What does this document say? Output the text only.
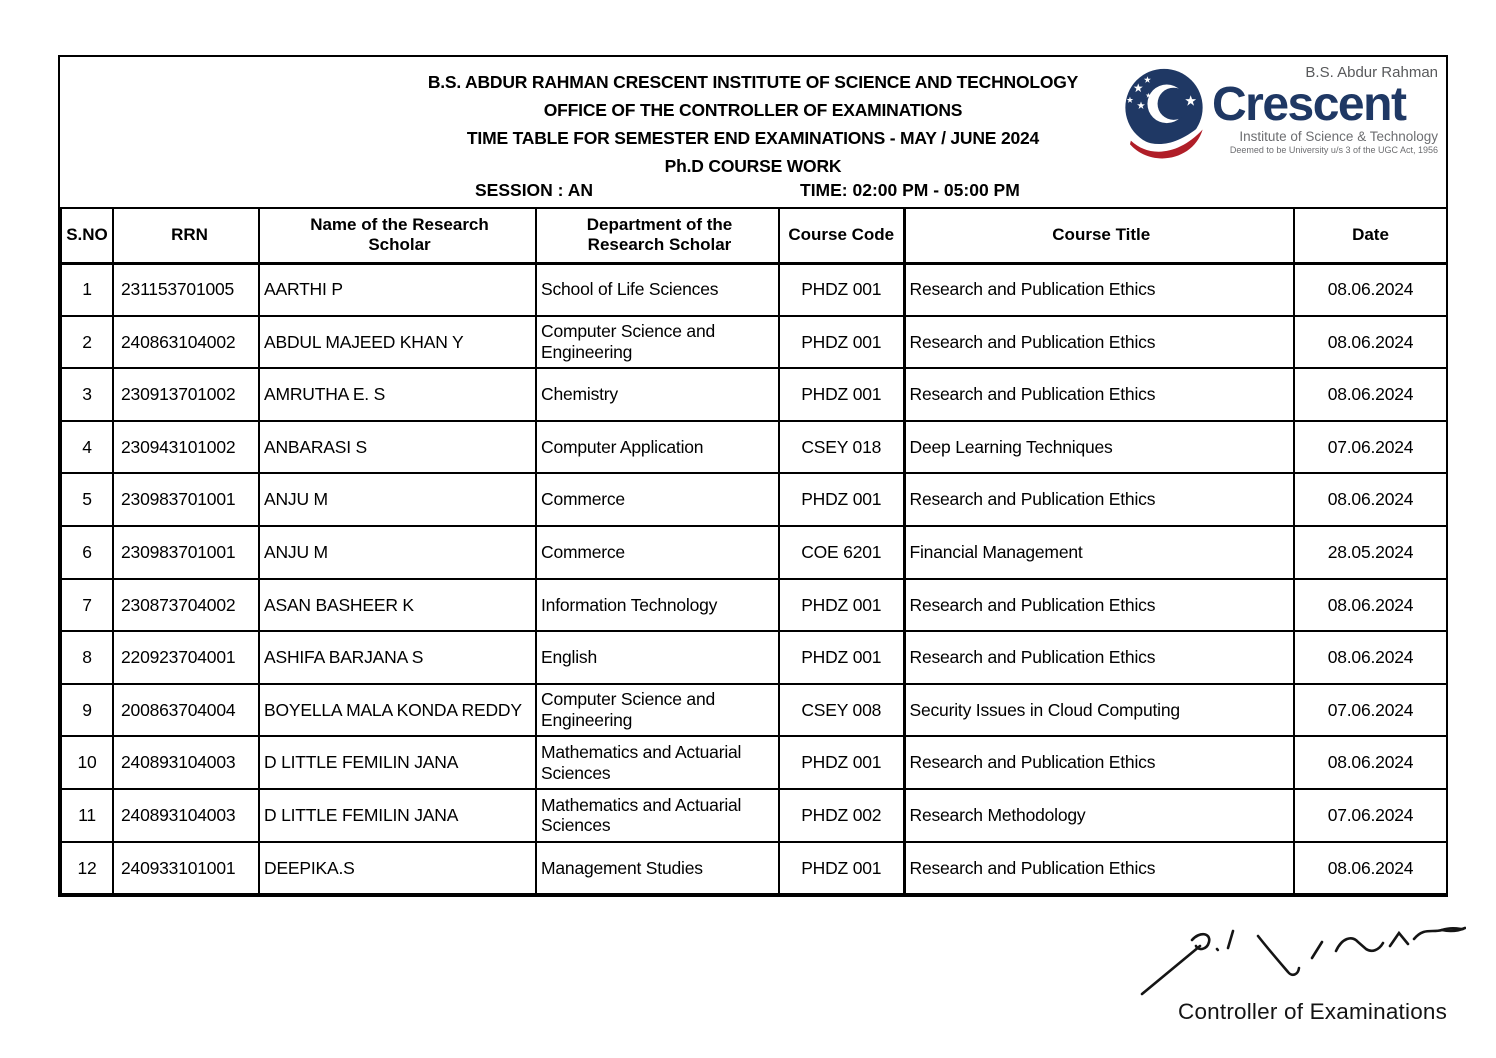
B.S. ABDUR RAHMAN CRESCENT INSTITUTE OF SCIENCE AND TECHNOLOGY
OFFICE OF THE CONTROLLER OF EXAMINATIONS
TIME TABLE FOR SEMESTER END EXAMINATIONS - MAY / JUNE 2024
Ph.D COURSE WORK
SESSION : AN	TIME: 02:00 PM - 05:00 PM
B.S. Abdur Rahman
Crescent
Institute of Science & Technology
Deemed to be University u/s 3 of the UGC Act, 1956
S.NO	RRN	Name of the Research Scholar	Department of the Research Scholar	Course Code	Course Title	Date

1	231153701005	AARTHI P	School of Life Sciences	PHDZ 001	Research and Publication Ethics	08.06.2024
2	240863104002	ABDUL MAJEED KHAN Y	Computer Science and Engineering	PHDZ 001	Research and Publication Ethics	08.06.2024
3	230913701002	AMRUTHA E. S	Chemistry	PHDZ 001	Research and Publication Ethics	08.06.2024
4	230943101002	ANBARASI S	Computer Application	CSEY 018	Deep Learning Techniques	07.06.2024
5	230983701001	ANJU M	Commerce	PHDZ 001	Research and Publication Ethics	08.06.2024
6	230983701001	ANJU M	Commerce	COE 6201	Financial Management	28.05.2024
7	230873704002	ASAN BASHEER K	Information Technology	PHDZ 001	Research and Publication Ethics	08.06.2024
8	220923704001	ASHIFA BARJANA S	English	PHDZ 001	Research and Publication Ethics	08.06.2024
9	200863704004	BOYELLA MALA KONDA REDDY	Computer Science and Engineering	CSEY 008	Security Issues in Cloud Computing	07.06.2024
10	240893104003	D LITTLE FEMILIN JANA	Mathematics and Actuarial Sciences	PHDZ 001	Research and Publication Ethics	08.06.2024
11	240893104003	D LITTLE FEMILIN JANA	Mathematics and Actuarial Sciences	PHDZ 002	Research Methodology	07.06.2024
12	240933101001	DEEPIKA.S	Management Studies	PHDZ 001	Research and Publication Ethics	08.06.2024
Controller of Examinations
